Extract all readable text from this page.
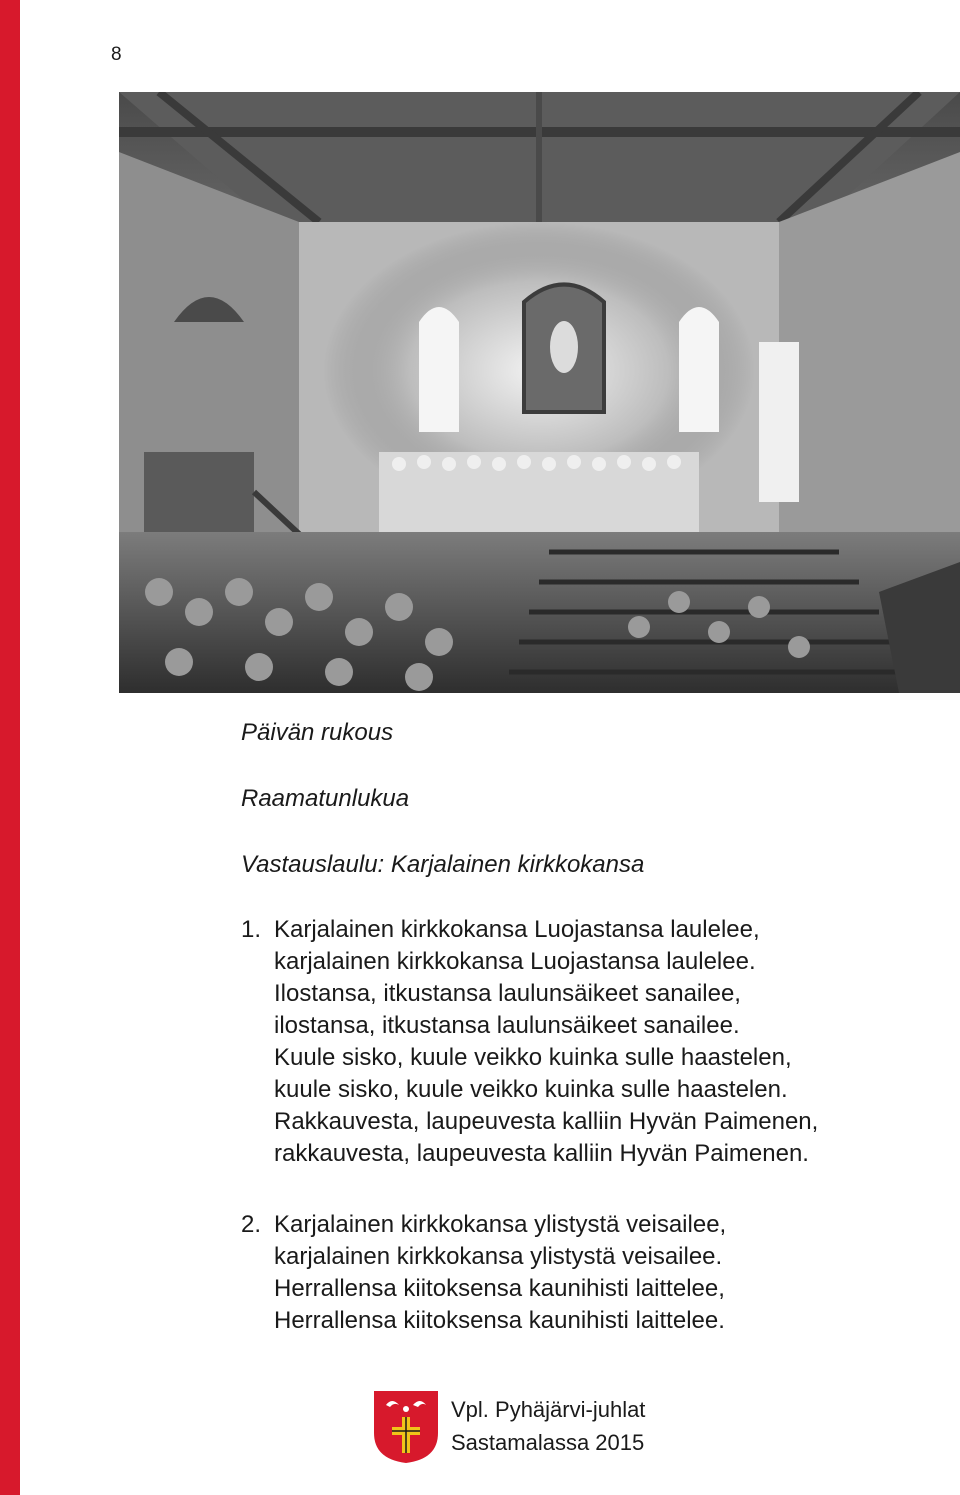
8
Päivän rukous
Raamatunlukua
Vastauslaulu: Karjalainen kirkkokansa
1. Karjalainen kirkkokansa Luojastansa laulelee,
karjalainen kirkkokansa Luojastansa laulelee.
Ilostansa, itkustansa laulunsäikeet sanailee,
ilostansa, itkustansa laulunsäikeet sanailee.
Kuule sisko, kuule veikko kuinka sulle haastelen,
kuule sisko, kuule veikko kuinka sulle haastelen.
Rakkauvesta, laupeuvesta kalliin Hyvän Paimenen,
rakkauvesta, laupeuvesta kalliin Hyvän Paimenen.
2. Karjalainen kirkkokansa ylistystä veisailee,
karjalainen kirkkokansa ylistystä veisailee.
Herrallensa kiitoksensa kaunihisti laittelee,
Herrallensa kiitoksensa kaunihisti laittelee.
Vpl. Pyhäjärvi-juhlat
Sastamalassa 2015
